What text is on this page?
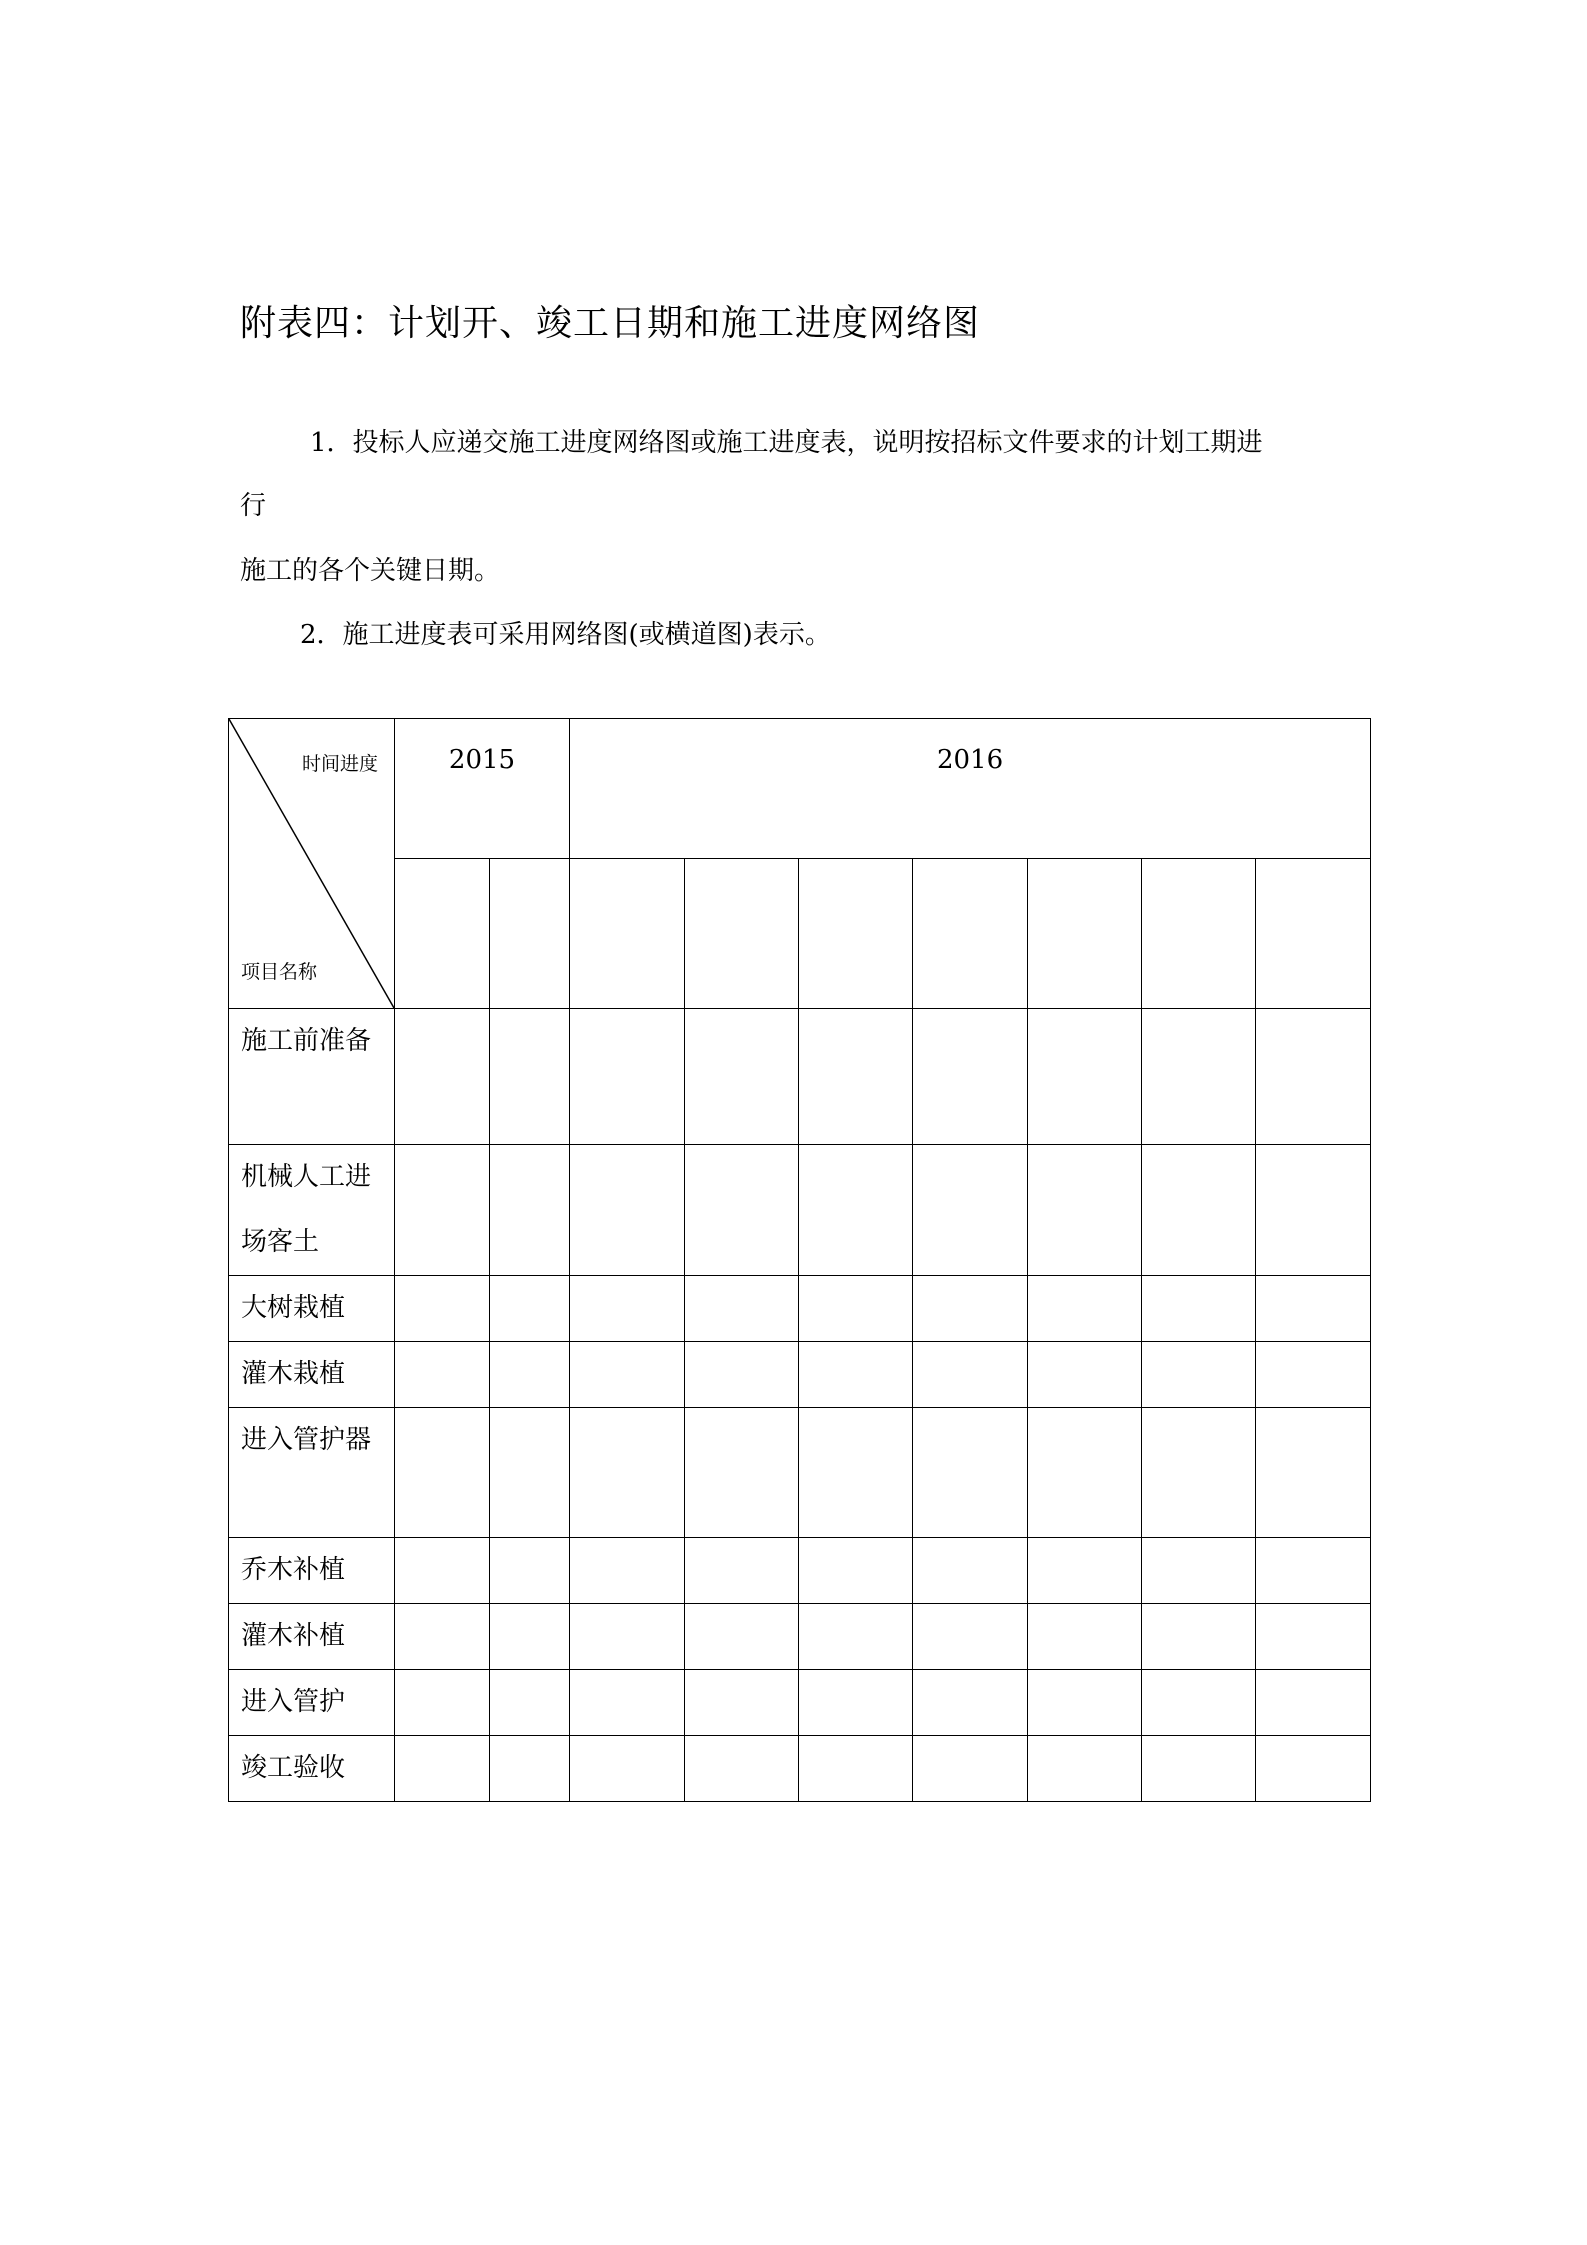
附表四：计划开、竣工日期和施工进度网络图
1．投标人应递交施工进度网络图或施工进度表，说明按招标文件要求的计划工期进
行
施工的各个关键日期。
2．施工进度表可采用网络图(或横道图)表示。
时间进度
项目名称	2015		2016						

施工前准备									
机械人工进场客土									
大树栽植									
灌木栽植									
进入管护器									
乔木补植									
灌木补植									
进入管护									
竣工验收									
